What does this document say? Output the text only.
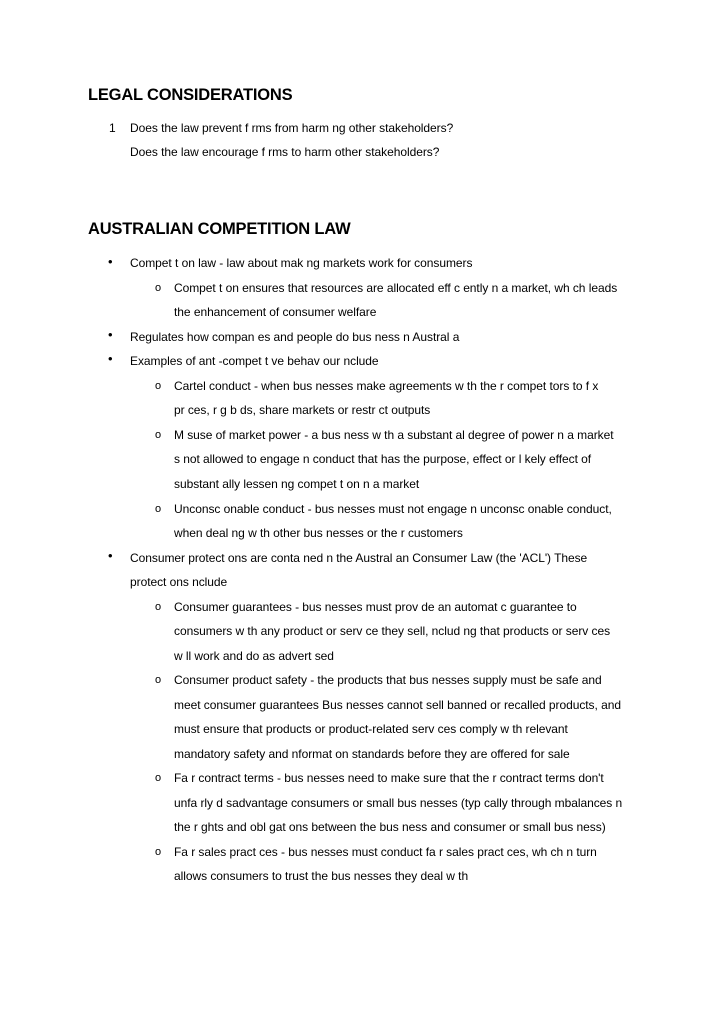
LEGAL CONSIDERATIONS
1 Does the law prevent f rms from harm ng other stakeholders?
Does the law encourage f rms to harm other stakeholders?
AUSTRALIAN COMPETITION LAW
• Compet t on law - law about mak ng markets work for consumers
o Compet t on ensures that resources are allocated eff c ently n a market, wh ch leads
the enhancement of consumer welfare
• Regulates how compan es and people do bus ness n Austral a
• Examples of ant -compet t ve behav our nclude
o Cartel conduct - when bus nesses make agreements w th the r compet tors to f x
pr ces, r g b ds, share markets or restr ct outputs
o M suse of market power - a bus ness w th a substant al degree of power n a market
s not allowed to engage n conduct that has the purpose, effect or l kely effect of
substant ally lessen ng compet t on n a market
o Unconsc onable conduct - bus nesses must not engage n unconsc onable conduct,
when deal ng w th other bus nesses or the r customers
• Consumer protect ons are conta ned n the Austral an Consumer Law (the 'ACL') These
protect ons nclude
o Consumer guarantees - bus nesses must prov de an automat c guarantee to
consumers w th any product or serv ce they sell, nclud ng that products or serv ces
w ll work and do as advert sed
o Consumer product safety - the products that bus nesses supply must be safe and
meet consumer guarantees Bus nesses cannot sell banned or recalled products, and
must ensure that products or product-related serv ces comply w th relevant
mandatory safety and nformat on standards before they are offered for sale
o Fa r contract terms - bus nesses need to make sure that the r contract terms don't
unfa rly d sadvantage consumers or small bus nesses (typ cally through mbalances n
the r ghts and obl gat ons between the bus ness and consumer or small bus ness)
o Fa r sales pract ces - bus nesses must conduct fa r sales pract ces, wh ch n turn
allows consumers to trust the bus nesses they deal w th
